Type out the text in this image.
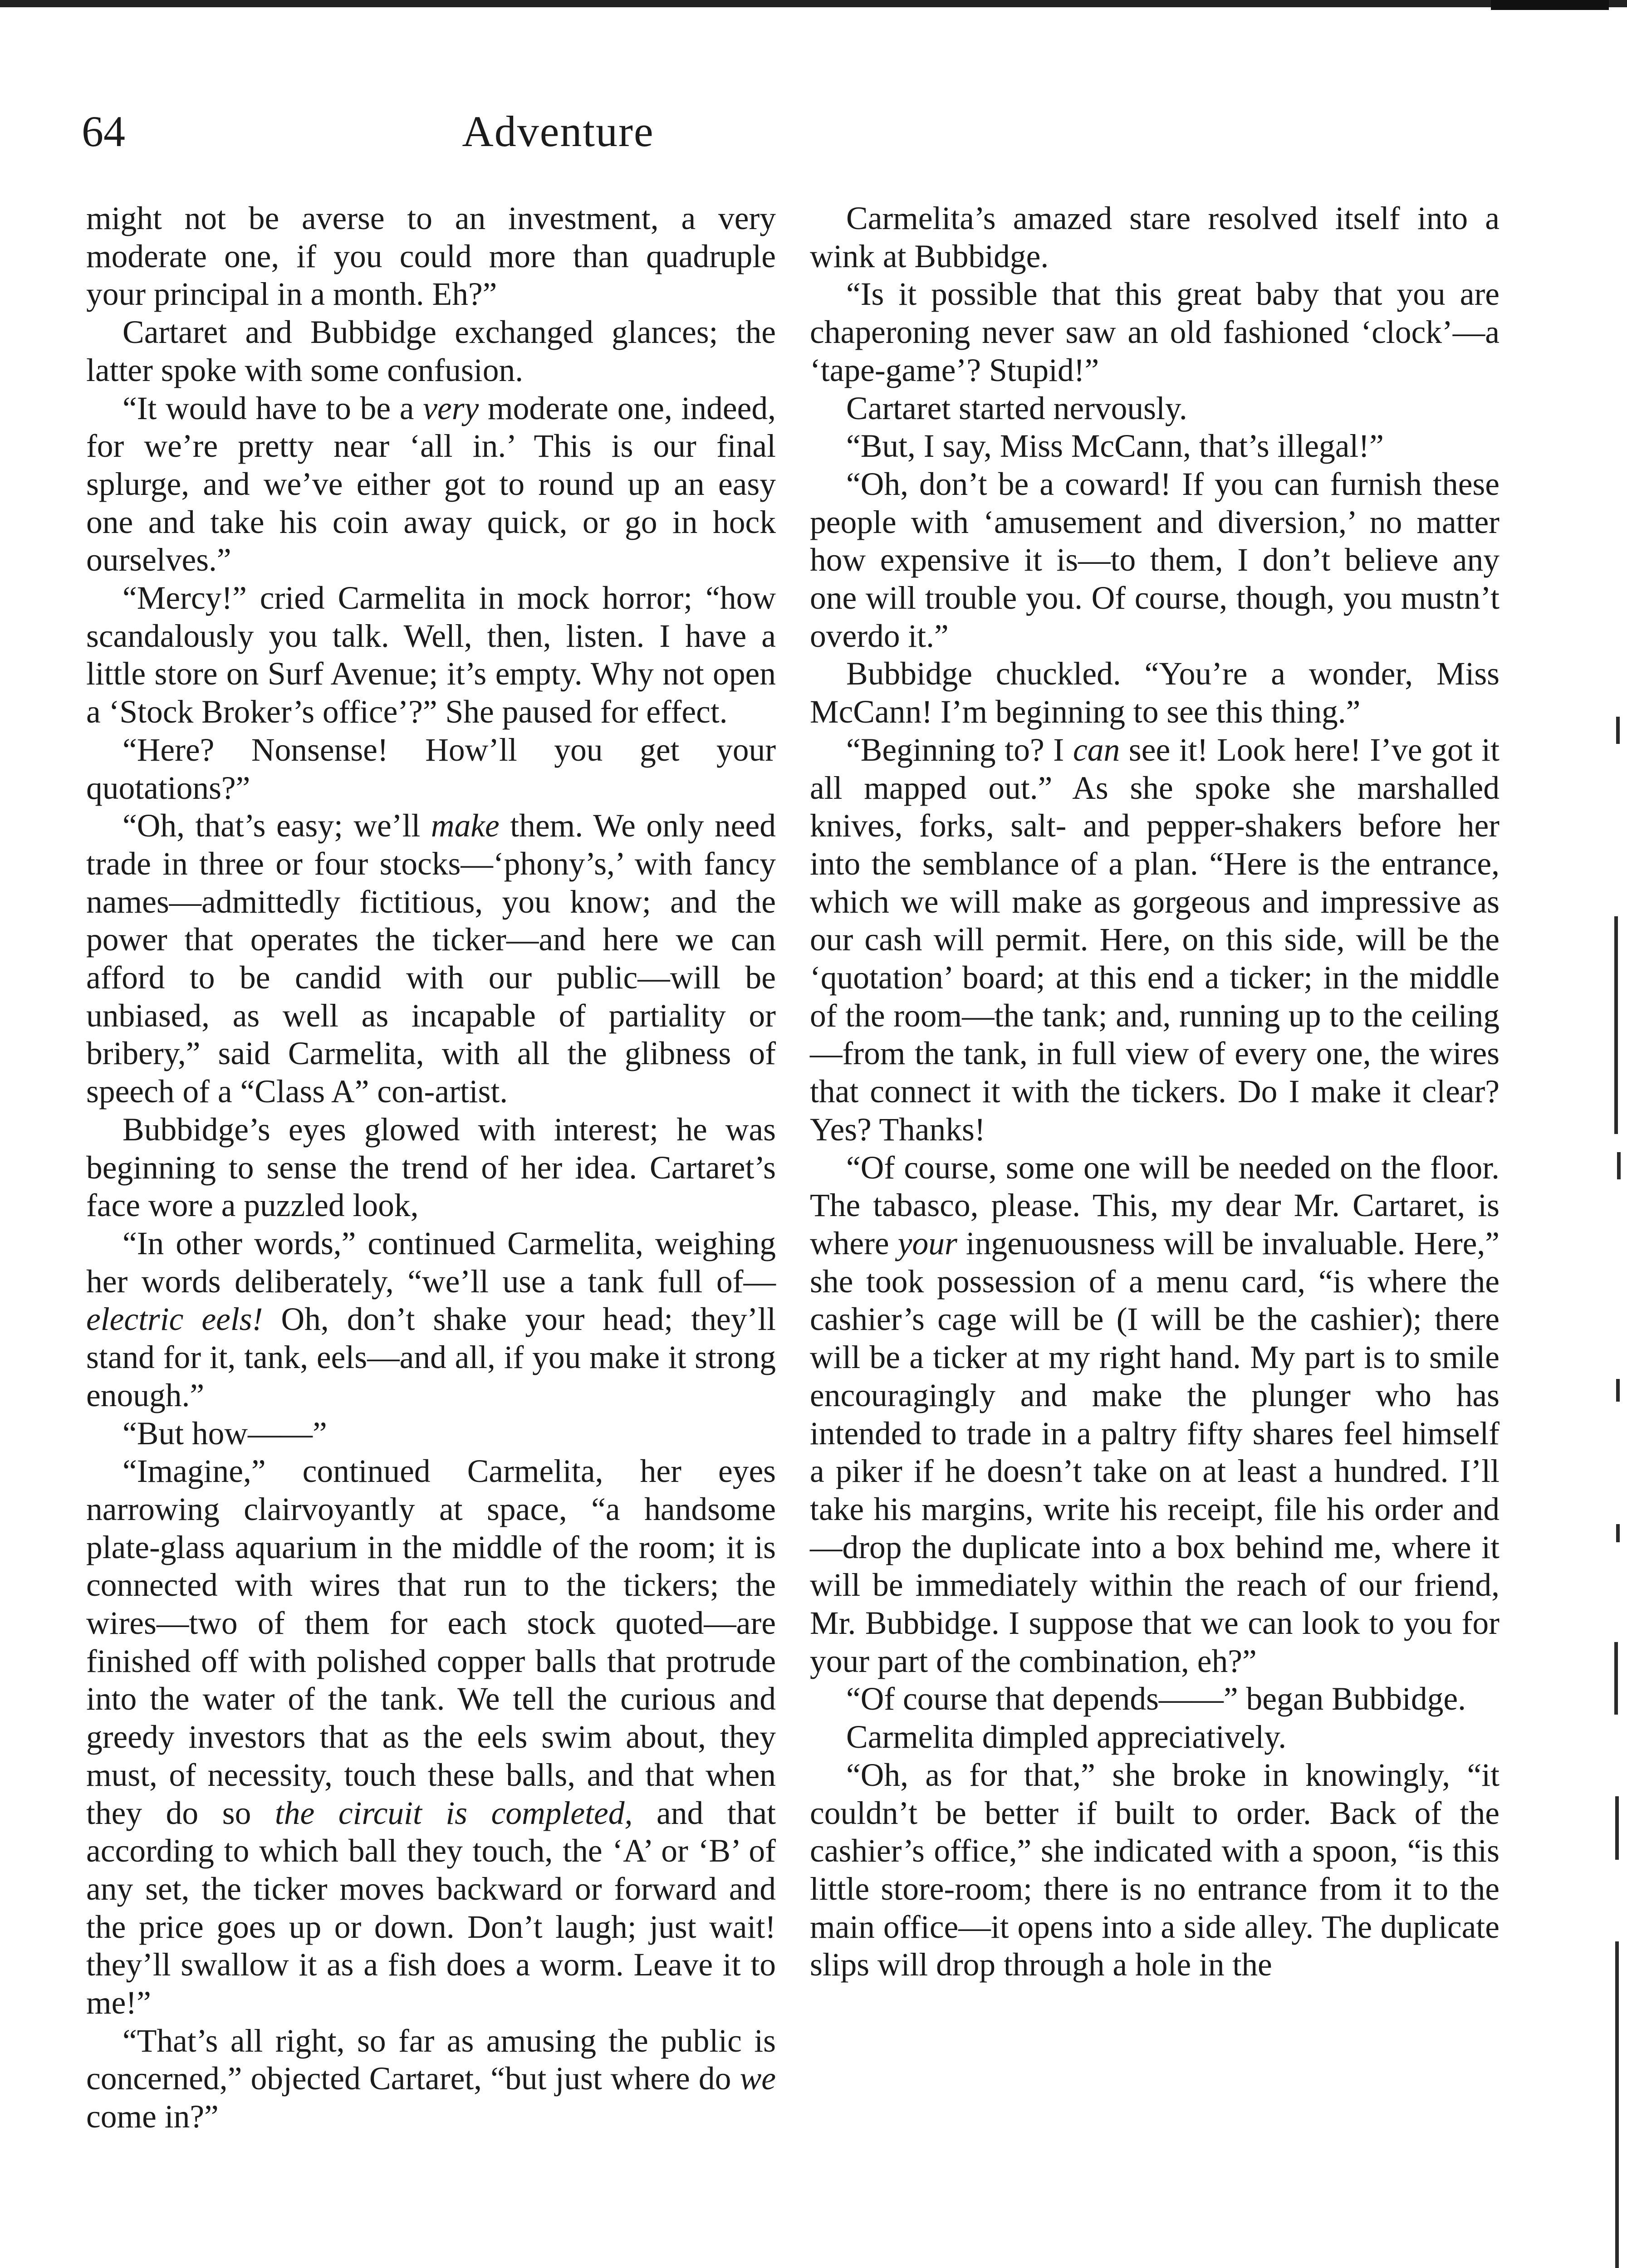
64	Adventure

might not be averse to an investment, a very moderate one, if you could more than quadruple your principal in a month. Eh?”

Cartaret and Bubbidge exchanged glances; the latter spoke with some confusion.

“It would have to be a very moderate one, indeed, for we’re pretty near ‘all in.’ This is our final splurge, and we’ve either got to round up an easy one and take his coin away quick, or go in hock ourselves.”

“Mercy!” cried Carmelita in mock horror; “how scandalously you talk. Well, then, listen. I have a little store on Surf Avenue; it’s empty. Why not open a ‘Stock Broker’s office’?” She paused for effect.

“Here? Nonsense! How’ll you get your quotations?”

“Oh, that’s easy; we’ll make them. We only need trade in three or four stocks—‘phony’s,’ with fancy names—admittedly fictitious, you know; and the power that operates the ticker—and here we can afford to be candid with our public—will be unbiased, as well as incapable of partiality or bribery,” said Carmelita, with all the glibness of speech of a “Class A” con-artist.

Bubbidge’s eyes glowed with interest; he was beginning to sense the trend of her idea. Cartaret’s face wore a puzzled look,

“In other words,” continued Carmelita, weighing her words deliberately, “we’ll use a tank full of—electric eels! Oh, don’t shake your head; they’ll stand for it, tank, eels—and all, if you make it strong enough.”

“But how——”

“Imagine,” continued Carmelita, her eyes narrowing clairvoyantly at space, “a handsome plate-glass aquarium in the middle of the room; it is connected with wires that run to the tickers; the wires—two of them for each stock quoted—are finished off with polished copper balls that protrude into the water of the tank. We tell the curious and greedy investors that as the eels swim about, they must, of necessity, touch these balls, and that when they do so the circuit is completed, and that according to which ball they touch, the ‘A’ or ‘B’ of any set, the ticker moves backward or forward and the price goes up or down. Don’t laugh; just wait! they’ll swallow it as a fish does a worm. Leave it to me!”

“That’s all right, so far as amusing the public is concerned,” objected Cartaret, “but just where do we come in?”

Carmelita’s amazed stare resolved itself into a wink at Bubbidge.

“Is it possible that this great baby that you are chaperoning never saw an old fashioned ‘clock’—a ‘tape-game’? Stupid!”

Cartaret started nervously.

“But, I say, Miss McCann, that’s illegal!”

“Oh, don’t be a coward! If you can furnish these people with ‘amusement and diversion,’ no matter how expensive it is—to them, I don’t believe any one will trouble you. Of course, though, you mustn’t overdo it.”

Bubbidge chuckled. “You’re a wonder, Miss McCann! I’m beginning to see this thing.”

“Beginning to? I can see it! Look here! I’ve got it all mapped out.” As she spoke she marshalled knives, forks, salt- and pepper-shakers before her into the semblance of a plan. “Here is the entrance, which we will make as gorgeous and impressive as our cash will permit. Here, on this side, will be the ‘quotation’ board; at this end a ticker; in the middle of the room—the tank; and, running up to the ceiling—from the tank, in full view of every one, the wires that connect it with the tickers. Do I make it clear? Yes? Thanks!

“Of course, some one will be needed on the floor. The tabasco, please. This, my dear Mr. Cartaret, is where your ingenuousness will be invaluable. Here,” she took possession of a menu card, “is where the cashier’s cage will be (I will be the cashier); there will be a ticker at my right hand. My part is to smile encouragingly and make the plunger who has intended to trade in a paltry fifty shares feel himself a piker if he doesn’t take on at least a hundred. I’ll take his margins, write his receipt, file his order and—drop the duplicate into a box behind me, where it will be immediately within the reach of our friend, Mr. Bubbidge. I suppose that we can look to you for your part of the combination, eh?”

“Of course that depends——” began Bubbidge.

Carmelita dimpled appreciatively.

“Oh, as for that,” she broke in knowingly, “it couldn’t be better if built to order. Back of the cashier’s office,” she indicated with a spoon, “is this little store-room; there is no entrance from it to the main office—it opens into a side alley. The duplicate slips will drop through a hole in the
